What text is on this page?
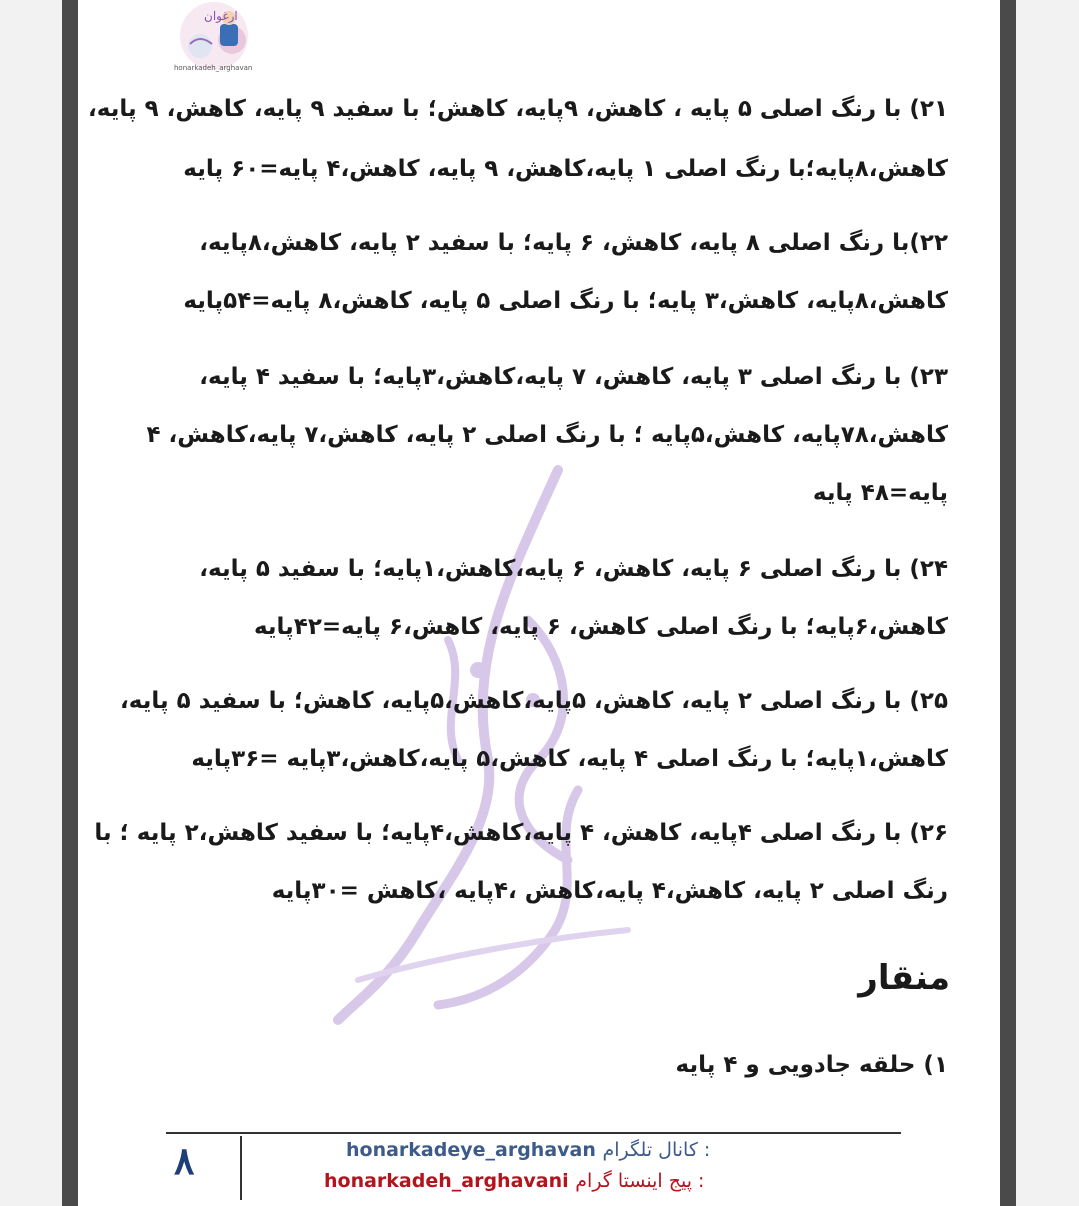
ارغوان
honarkadeh_arghavan
۲۱) با رنگ اصلی ۵ پایه ، کاهش، ۹پایه، کاهش؛ با سفید ۹ پایه، کاهش، ۹ پایه،
کاهش،۸پایه؛با رنگ اصلی ۱ پایه،کاهش، ۹ پایه، کاهش،۴ پایه=۶۰ پایه
۲۲)با رنگ اصلی ۸ پایه، کاهش، ۶ پایه؛ با سفید ۲ پایه، کاهش،۸پایه،
کاهش،۸پایه، کاهش،۳ پایه؛ با رنگ اصلی ۵ پایه، کاهش،۸ پایه=۵۴پایه
۲۳) با رنگ اصلی ۳ پایه، کاهش، ۷ پایه،کاهش،۳پایه؛ با سفید ۴ پایه،
کاهش،۷۸پایه، کاهش،۵پایه ؛ با رنگ اصلی ۲ پایه، کاهش،۷ پایه،کاهش، ۴
پایه=۴۸ پایه
۲۴) با رنگ اصلی ۶ پایه، کاهش، ۶ پایه،کاهش،۱پایه؛ با سفید ۵ پایه،
کاهش،۶پایه؛ با رنگ اصلی کاهش، ۶ پایه، کاهش،۶ پایه=۴۲پایه
۲۵) با رنگ اصلی ۲ پایه، کاهش، ۵پایه،کاهش،۵پایه، کاهش؛ با سفید ۵ پایه،
کاهش،۱پایه؛ با رنگ اصلی ۴ پایه، کاهش،۵ پایه،کاهش،۳پایه =۳۶پایه
۲۶) با رنگ اصلی ۴پایه، کاهش، ۴ پایه،کاهش،۴پایه؛ با سفید کاهش،۲ پایه ؛ با
رنگ اصلی ۲ پایه، کاهش،۴ پایه،کاهش ،۴پایه ،کاهش =۳۰پایه
منقار
۱) حلقه جادویی و ۴ پایه
۸	honarkadeye_arghavan کانال تلگرام :
honarkadeh_arghavani پیج اینستا گرام :
